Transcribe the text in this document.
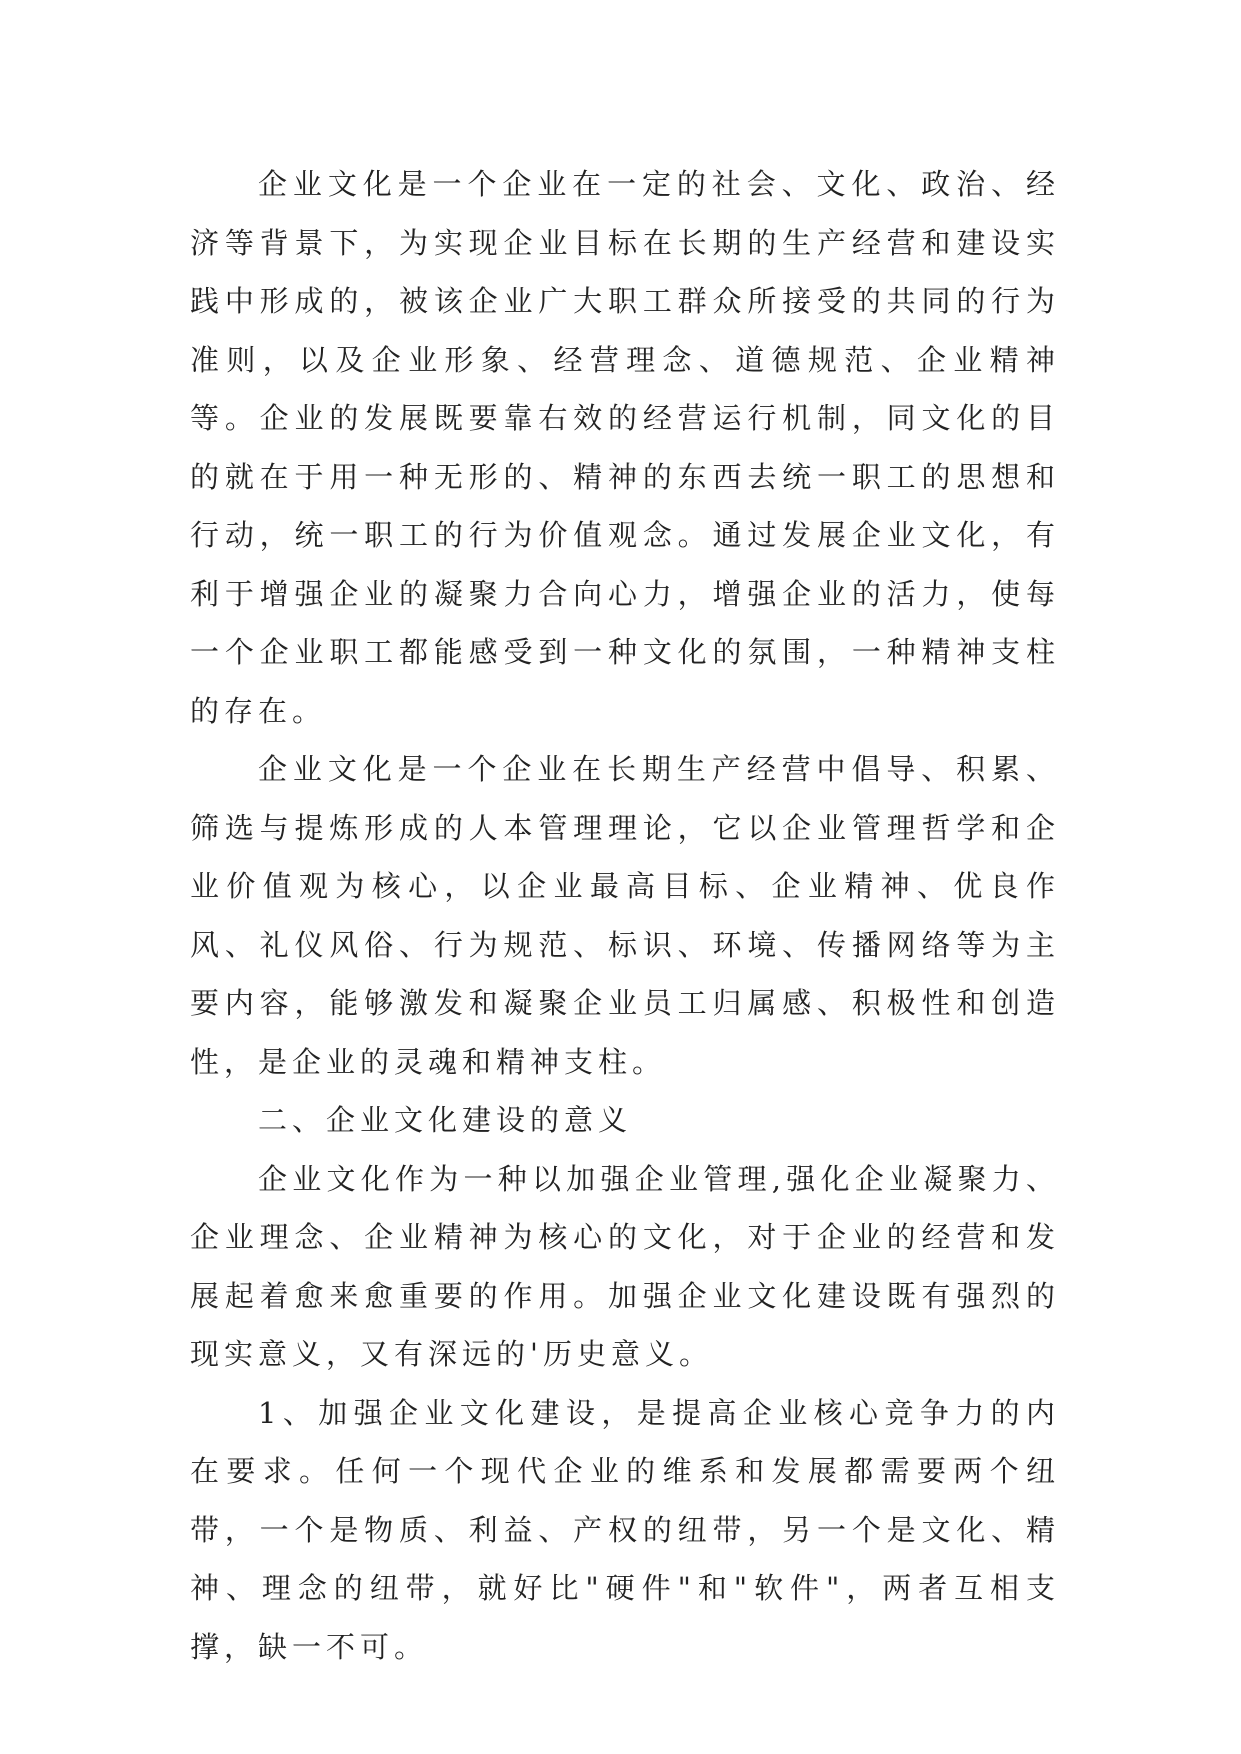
企业文化是一个企业在一定的社会、文化、政治、经济等背景下，为实现企业目标在长期的生产经营和建设实践中形成的，被该企业广大职工群众所接受的共同的行为准则，以及企业形象、经营理念、道德规范、企业精神等。企业的发展既要靠右效的经营运行机制，同文化的目的就在于用一种无形的、精神的东西去统一职工的思想和行动，统一职工的行为价值观念。通过发展企业文化，有利于增强企业的凝聚力合向心力，增强企业的活力，使每一个企业职工都能感受到一种文化的氛围，一种精神支柱的存在。

企业文化是一个企业在长期生产经营中倡导、积累、筛选与提炼形成的人本管理理论，它以企业管理哲学和企业价值观为核心，以企业最高目标、企业精神、优良作风、礼仪风俗、行为规范、标识、环境、传播网络等为主要内容，能够激发和凝聚企业员工归属感、积极性和创造性，是企业的灵魂和精神支柱。

二、企业文化建设的意义

企业文化作为一种以加强企业管理,强化企业凝聚力、企业理念、企业精神为核心的文化，对于企业的经营和发展起着愈来愈重要的作用。加强企业文化建设既有强烈的现实意义，又有深远的'历史意义。

1、加强企业文化建设，是提高企业核心竞争力的内在要求。任何一个现代企业的维系和发展都需要两个纽带，一个是物质、利益、产权的纽带，另一个是文化、精神、理念的纽带，就好比"硬件"和"软件"，两者互相支撑，缺一不可。
